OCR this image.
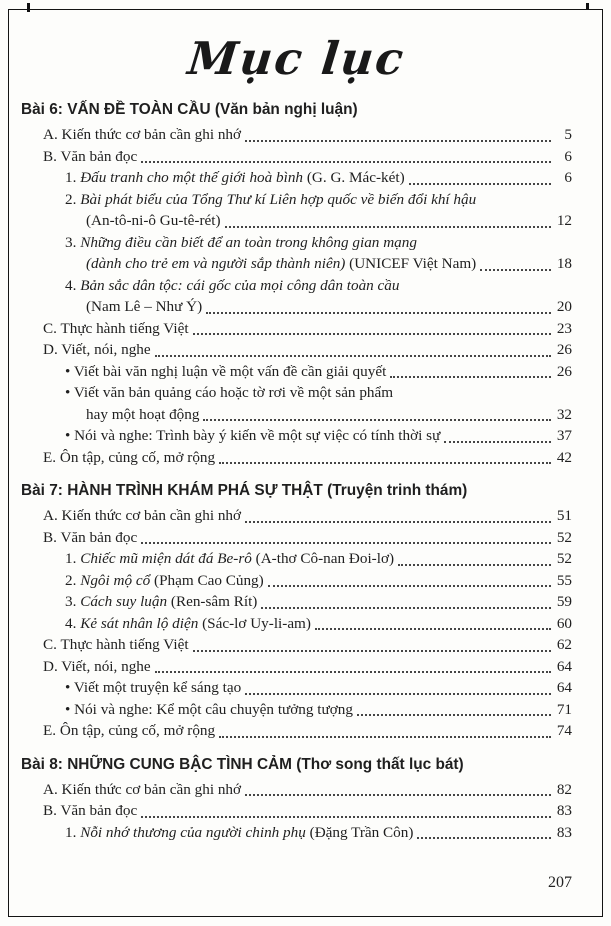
Mục lục
Bài 6: VẤN ĐỀ TOÀN CẦU (Văn bản nghị luận)
A. Kiến thức cơ bản cần ghi nhớ	5
B. Văn bản đọc	6
1. Đấu tranh cho một thế giới hoà bình (G. G. Mác-két)	6
2. Bài phát biểu của Tổng Thư kí Liên hợp quốc về biến đổi khí hậu
(An-tô-ni-ô Gu-tê-rét)	12
3. Những điều cần biết để an toàn trong không gian mạng
(dành cho trẻ em và người sắp thành niên) (UNICEF Việt Nam)	18
4. Bản sắc dân tộc: cái gốc của mọi công dân toàn cầu
(Nam Lê – Như Ý)	20
C. Thực hành tiếng Việt	23
D. Viết, nói, nghe	26
• Viết bài văn nghị luận về một vấn đề cần giải quyết	26
• Viết văn bản quảng cáo hoặc tờ rơi về một sản phẩm
hay một hoạt động	32
• Nói và nghe: Trình bày ý kiến về một sự việc có tính thời sự	37
E. Ôn tập, củng cố, mở rộng	42
Bài 7: HÀNH TRÌNH KHÁM PHÁ SỰ THẬT (Truyện trinh thám)
A. Kiến thức cơ bản cần ghi nhớ	51
B. Văn bản đọc	52
1. Chiếc mũ miện dát đá Be-rô (A-thơ Cô-nan Đoi-lơ)	52
2. Ngôi mộ cổ (Phạm Cao Củng)	55
3. Cách suy luận (Ren-sâm Rít)	59
4. Kẻ sát nhân lộ diện (Sác-lơ Uy-li-am)	60
C. Thực hành tiếng Việt	62
D. Viết, nói, nghe	64
• Viết một truyện kể sáng tạo	64
• Nói và nghe: Kể một câu chuyện tưởng tượng	71
E. Ôn tập, củng cố, mở rộng	74
Bài 8: NHỮNG CUNG BẬC TÌNH CẢM (Thơ song thất lục bát)
A. Kiến thức cơ bản cần ghi nhớ	82
B. Văn bản đọc	83
1. Nỗi nhớ thương của người chinh phụ (Đặng Trần Côn)	83
207
